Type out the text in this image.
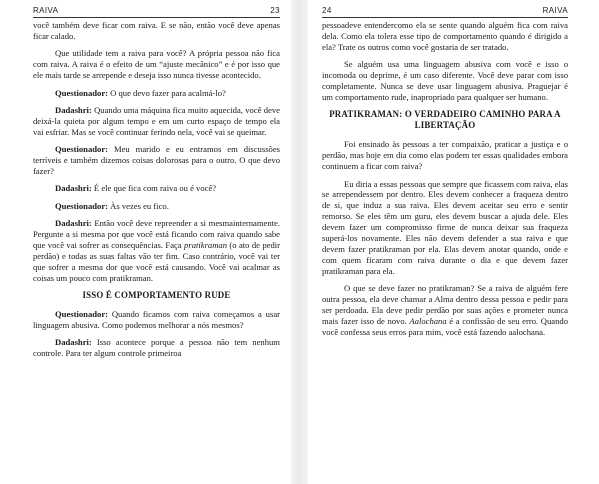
RAIVA	23

você também deve ficar com raiva. E se não, então você deve apenas ficar calado.

Que utilidade tem a raiva para você? A própria pessoa não fica com raiva. A raiva é o efeito de um “ajuste mecânico” e é por isso que ele mais tarde se arrepende e deseja isso nunca tivesse acontecido.

Questionador: O que devo fazer para acalmá-lo?

Dadashri: Quando uma máquina fica muito aquecida, você deve deixá-la quieta por algum tempo e em um curto espaço de tempo ela vai esfriar. Mas se você continuar ferindo nela, você vai se queimar.

Questionador: Meu marido e eu entramos em discussões terríveis e também dizemos coisas dolorosas para o outro. O que devo fazer?

Dadashri: É ele que fica com raiva ou é você?

Questionador: Às vezes eu fico.

Dadashri: Então você deve repreender a si mesmainternamente. Pergunte a si mesma por que você está ficando com raiva quando sabe que você vai sofrer as consequências. Faça pratikraman (o ato de pedir perdão) e todas as suas faltas vão ter fim. Caso contrário, você vai ter que sofrer a mesma dor que você está causando. Você vai acalmar as coisas um pouco com pratikraman.

ISSO É COMPORTAMENTO RUDE

Questionador: Quando ficamos com raiva começamos a usar linguagem abusiva. Como podemos melhorar a nós mesmos?

Dadashri: Isso acontece porque a pessoa não tem nenhum controle. Para ter algum controle primeiroa

24	RAIVA

pessoadeve entendercomo ela se sente quando alguém fica com raiva dela. Como ela tolera esse tipo de comportamento quando é dirigido a ela? Trate os outros como você gostaria de ser tratado.

Se alguém usa uma linguagem abusiva com você e isso o incomoda ou deprime, é um caso diferente. Você deve parar com isso completamente. Nunca se deve usar linguagem abusiva. Praguejar é um comportamento rude, inapropriado para qualquer ser humano.

PRATIKRAMAN: O VERDADEIRO CAMINHO PARA A LIBERTAÇÃO

Foi ensinado às pessoas a ter compaixão, praticar a justiça e o perdão, mas hoje em dia como elas podem ter essas qualidades embora continuem a ficar com raiva?

Eu diria a essas pessoas que sempre que ficassem com raiva, elas se arrependessem por dentro. Eles devem conhecer a fraqueza dentro de si, que induz a sua raiva. Eles devem aceitar seu erro e sentir remorso. Se eles têm um guru, eles devem buscar a ajuda dele. Eles devem fazer um compromisso firme de nunca deixar sua fraqueza superá-los novamente. Eles não devem defender a sua raiva e que devem fazer pratikraman por ela. Elas devem anotar quando, onde e com quem ficaram com raiva durante o dia e que devem fazer pratikraman para ela.

O que se deve fazer no pratikraman? Se a raiva de alguém fere outra pessoa, ela deve chamar a Alma dentro dessa pessoa e pedir para ser perdoada. Ela deve pedir perdão por suas ações e prometer nunca mais fazer isso de novo. Aalochana é a confissão de seu erro. Quando você confessa seus erros para mim, você está fazendo aalochana.
